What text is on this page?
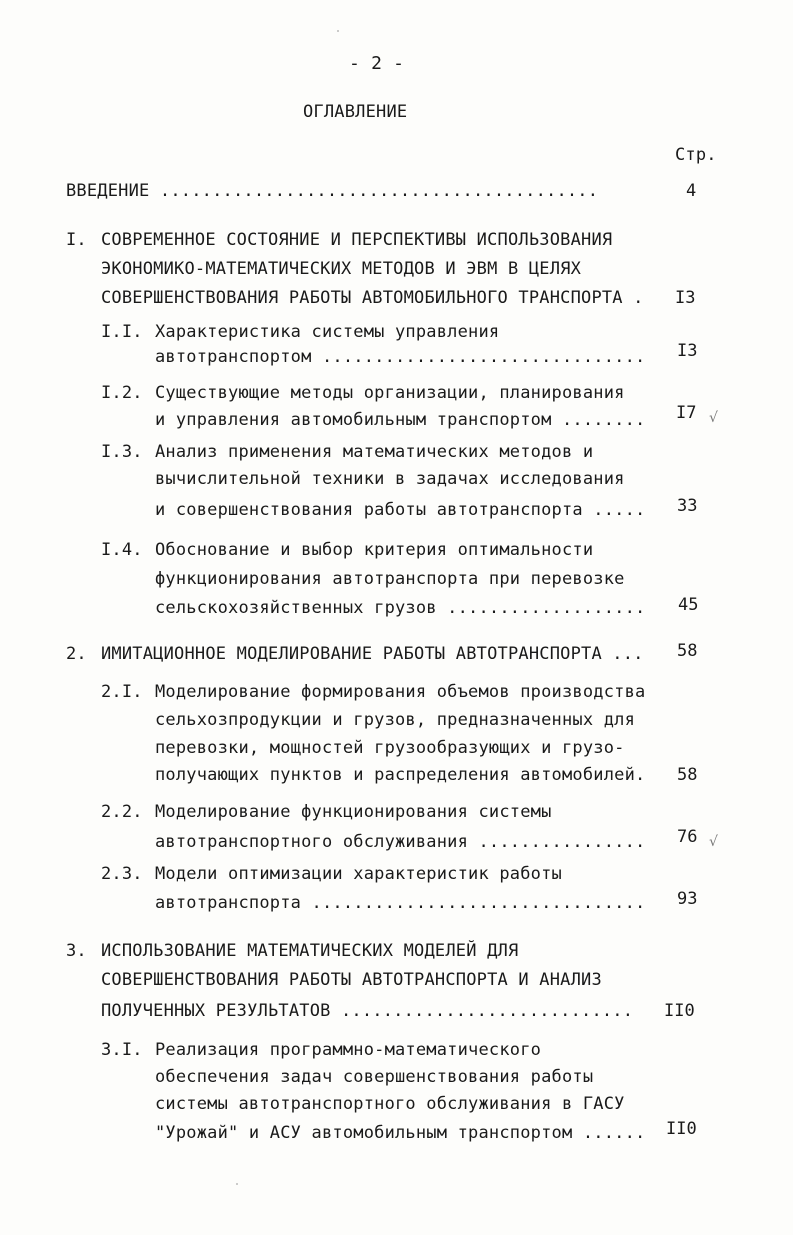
- 2 -
ОГЛАВЛЕНИЕ
Стр.
ВВЕДЕНИЕ ..........................................	4
I. СОВРЕМЕННОЕ СОСТОЯНИЕ И ПЕРСПЕКТИВЫ ИСПОЛЬЗОВАНИЯ
ЭКОНОМИКО-МАТЕМАТИЧЕСКИХ МЕТОДОВ И ЭВМ В ЦЕЛЯХ
СОВЕРШЕНСТВОВАНИЯ РАБОТЫ АВТОМОБИЛЬНОГО ТРАНСПОРТА . I3
I.I. Характеристика системы управления
автотранспортом ............................... I3
I.2. Существующие методы организации, планирования
и управления автомобильным транспортом ........ I7 √
I.3. Анализ применения математических методов и
вычислительной техники в задачах исследования
и совершенствования работы автотранспорта ..... 33
I.4. Обоснование и выбор критерия оптимальности
функционирования автотранспорта при перевозке
сельскохозяйственных грузов ................... 45
2. ИМИТАЦИОННОЕ МОДЕЛИРОВАНИЕ РАБОТЫ АВТОТРАНСПОРТА ... 58
2.I. Моделирование формирования объемов производства
сельхозпродукции и грузов, предназначенных для
перевозки, мощностей грузообразующих и грузо-
получающих пунктов и распределения автомобилей. 58
2.2. Моделирование функционирования системы
автотранспортного обслуживания ................ 76 √
2.3. Модели оптимизации характеристик работы
автотранспорта ................................ 93
3. ИСПОЛЬЗОВАНИЕ МАТЕМАТИЧЕСКИХ МОДЕЛЕЙ ДЛЯ
СОВЕРШЕНСТВОВАНИЯ РАБОТЫ АВТОТРАНСПОРТА И АНАЛИЗ
ПОЛУЧЕННЫХ РЕЗУЛЬТАТОВ ............................ II0
3.I. Реализация программно-математического
обеспечения задач совершенствования работы
системы автотранспортного обслуживания в ГАСУ
"Урожай" и АСУ автомобильным транспортом ...... II0
